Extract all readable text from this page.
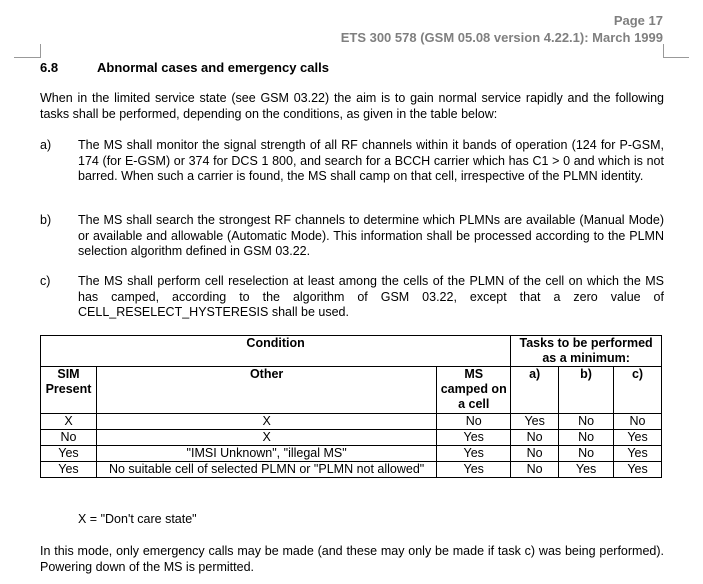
Page 17
ETS 300 578 (GSM 05.08 version 4.22.1): March 1999
6.8	Abnormal cases and emergency calls
When in the limited service state (see GSM 03.22) the aim is to gain normal service rapidly and the following tasks shall be performed, depending on the conditions, as given in the table below:
a) The MS shall monitor the signal strength of all RF channels within it bands of operation (124 for P-GSM, 174 (for E-GSM) or 374 for DCS 1 800, and search for a BCCH carrier which has C1 > 0 and which is not barred. When such a carrier is found, the MS shall camp on that cell, irrespective of the PLMN identity.
b) The MS shall search the strongest RF channels to determine which PLMNs are available (Manual Mode) or available and allowable (Automatic Mode). This information shall be processed according to the PLMN selection algorithm defined in GSM 03.22.
c) The MS shall perform cell reselection at least among the cells of the PLMN of the cell on which the MS has camped, according to the algorithm of GSM 03.22, except that a zero value of CELL_RESELECT_HYSTERESIS shall be used.
Condition			Tasks to be performed as a minimum:		
SIM Present	Other	MS camped on a cell	a)	b)	c)
X	X	No	Yes	No	No
No	X	Yes	No	No	Yes
Yes	"IMSI Unknown", "illegal MS"	Yes	No	No	Yes
Yes	No suitable cell of selected PLMN or "PLMN not allowed"	Yes	No	Yes	Yes
X = "Don't care state"
In this mode, only emergency calls may be made (and these may only be made if task c) was being performed). Powering down of the MS is permitted.
